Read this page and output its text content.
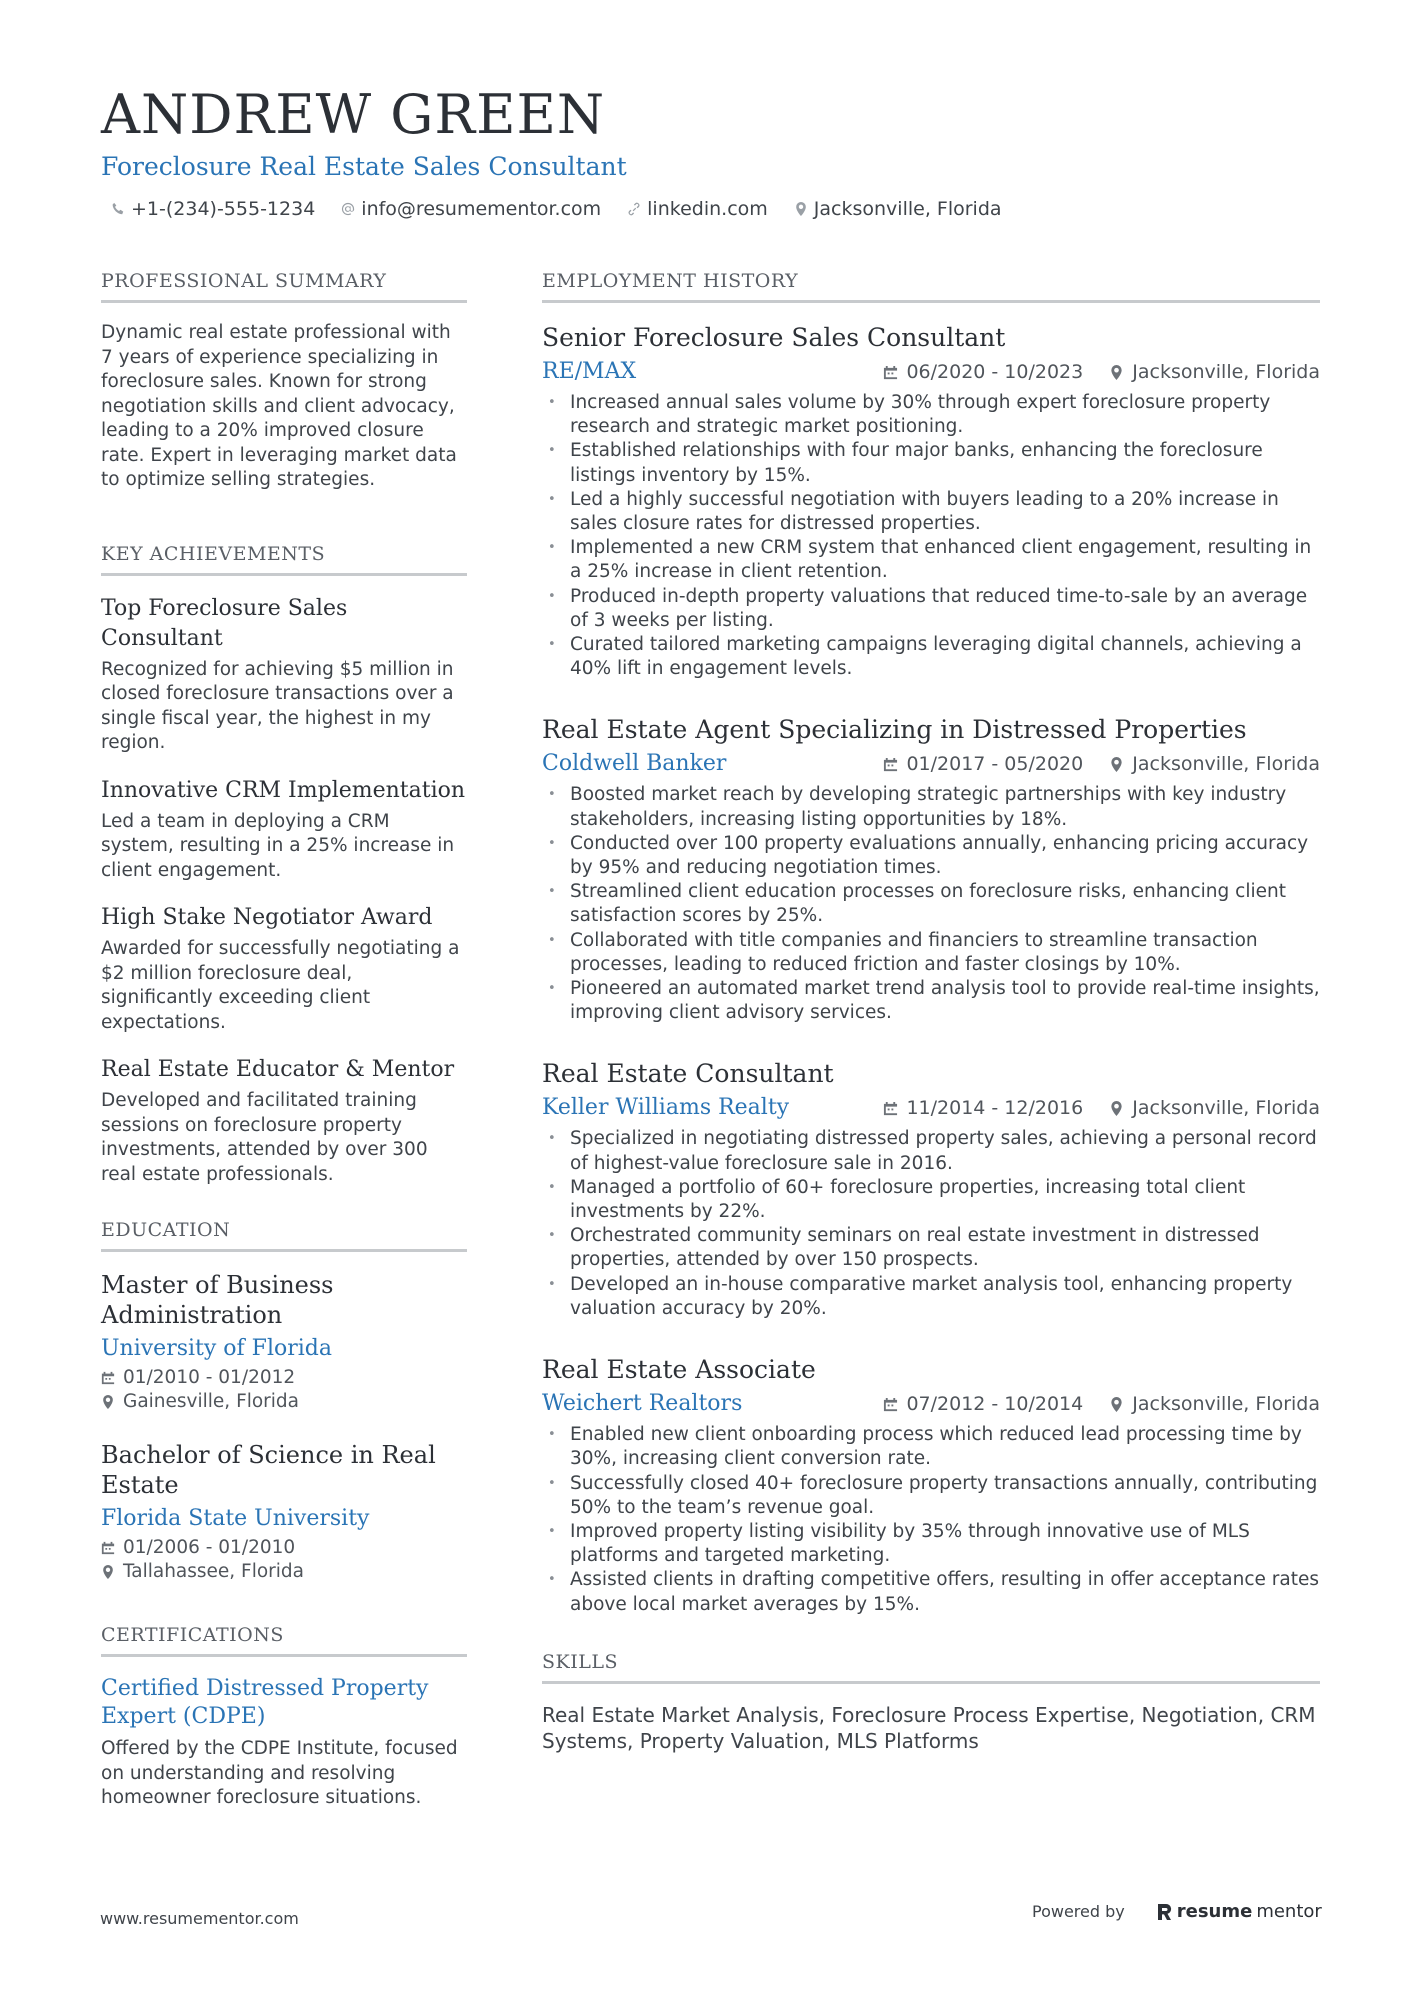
ANDREW GREEN
Foreclosure Real Estate Sales Consultant
+1-(234)-555-1234 info@resumementor.com linkedin.com Jacksonville, Florida
PROFESSIONAL SUMMARY
Dynamic real estate professional with 7 years of experience specializing in foreclosure sales. Known for strong negotiation skills and client advocacy, leading to a 20% improved closure rate. Expert in leveraging market data to optimize selling strategies.
KEY ACHIEVEMENTS
Top Foreclosure Sales Consultant
Recognized for achieving $5 million in closed foreclosure transactions over a single fiscal year, the highest in my region.
Innovative CRM Implementation
Led a team in deploying a CRM system, resulting in a 25% increase in client engagement.
High Stake Negotiator Award
Awarded for successfully negotiating a $2 million foreclosure deal, significantly exceeding client expectations.
Real Estate Educator & Mentor
Developed and facilitated training sessions on foreclosure property investments, attended by over 300 real estate professionals.
EDUCATION
Master of Business Administration
University of Florida
01/2010 - 01/2012
Gainesville, Florida
Bachelor of Science in Real Estate
Florida State University
01/2006 - 01/2010
Tallahassee, Florida
CERTIFICATIONS
Certified Distressed Property Expert (CDPE)
Offered by the CDPE Institute, focused on understanding and resolving homeowner foreclosure situations.
EMPLOYMENT HISTORY
Senior Foreclosure Sales Consultant
RE/MAX	06/2020 - 10/2023	Jacksonville, Florida
• Increased annual sales volume by 30% through expert foreclosure property research and strategic market positioning.
• Established relationships with four major banks, enhancing the foreclosure listings inventory by 15%.
• Led a highly successful negotiation with buyers leading to a 20% increase in sales closure rates for distressed properties.
• Implemented a new CRM system that enhanced client engagement, resulting in a 25% increase in client retention.
• Produced in-depth property valuations that reduced time-to-sale by an average of 3 weeks per listing.
• Curated tailored marketing campaigns leveraging digital channels, achieving a 40% lift in engagement levels.
Real Estate Agent Specializing in Distressed Properties
Coldwell Banker	01/2017 - 05/2020	Jacksonville, Florida
• Boosted market reach by developing strategic partnerships with key industry stakeholders, increasing listing opportunities by 18%.
• Conducted over 100 property evaluations annually, enhancing pricing accuracy by 95% and reducing negotiation times.
• Streamlined client education processes on foreclosure risks, enhancing client satisfaction scores by 25%.
• Collaborated with title companies and financiers to streamline transaction processes, leading to reduced friction and faster closings by 10%.
• Pioneered an automated market trend analysis tool to provide real-time insights, improving client advisory services.
Real Estate Consultant
Keller Williams Realty	11/2014 - 12/2016	Jacksonville, Florida
• Specialized in negotiating distressed property sales, achieving a personal record of highest-value foreclosure sale in 2016.
• Managed a portfolio of 60+ foreclosure properties, increasing total client investments by 22%.
• Orchestrated community seminars on real estate investment in distressed properties, attended by over 150 prospects.
• Developed an in-house comparative market analysis tool, enhancing property valuation accuracy by 20%.
Real Estate Associate
Weichert Realtors	07/2012 - 10/2014	Jacksonville, Florida
• Enabled new client onboarding process which reduced lead processing time by 30%, increasing client conversion rate.
• Successfully closed 40+ foreclosure property transactions annually, contributing 50% to the team’s revenue goal.
• Improved property listing visibility by 35% through innovative use of MLS platforms and targeted marketing.
• Assisted clients in drafting competitive offers, resulting in offer acceptance rates above local market averages by 15%.
SKILLS
Real Estate Market Analysis, Foreclosure Process Expertise, Negotiation, CRM Systems, Property Valuation, MLS Platforms
www.resumementor.com	Powered by	resume mentor
